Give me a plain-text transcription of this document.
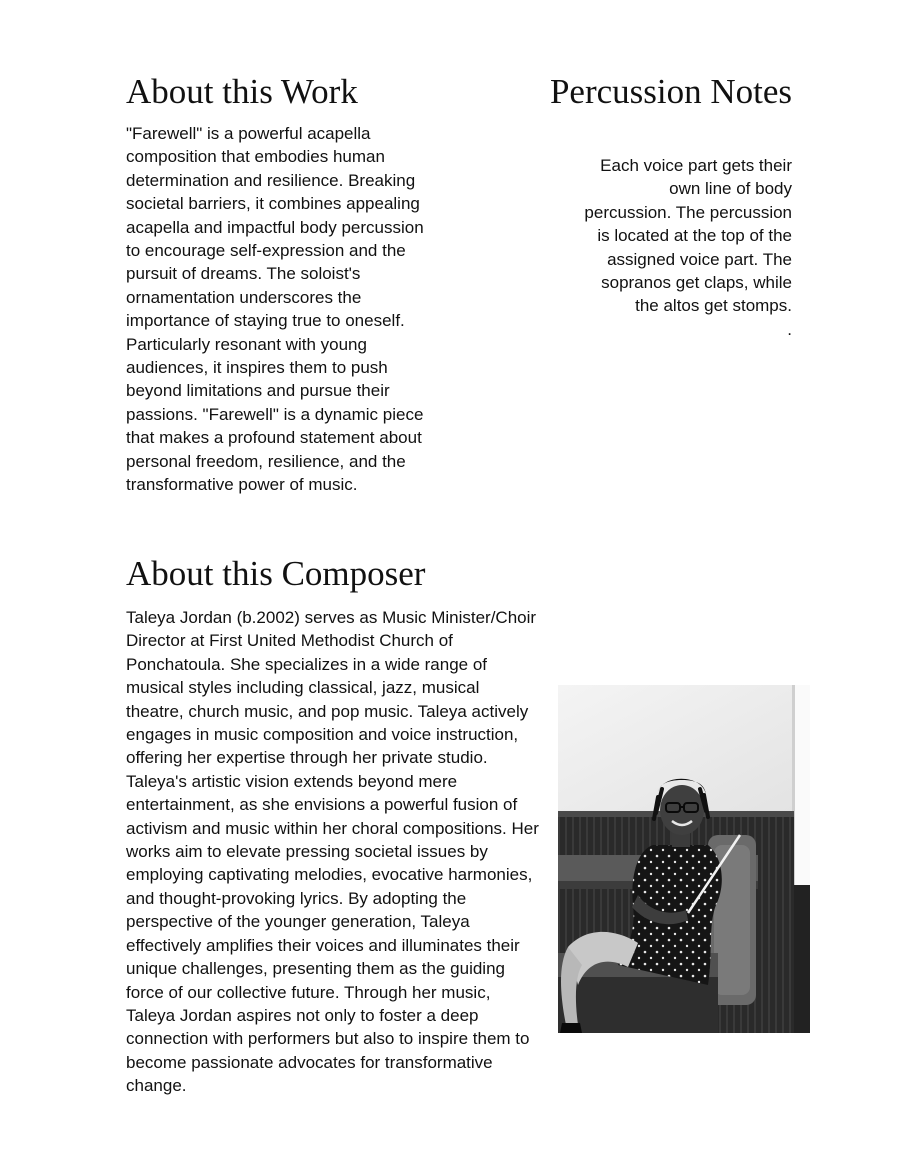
About this Work

"Farewell" is a powerful acapella composition that embodies human determination and resilience. Breaking societal barriers, it combines appealing acapella and impactful body percussion to encourage self-expression and the pursuit of dreams. The soloist's ornamentation underscores the importance of staying true to oneself. Particularly resonant with young audiences, it inspires them to push beyond limitations and pursue their passions. "Farewell" is a dynamic piece that makes a profound statement about personal freedom, resilience, and the transformative power of music.

Percussion Notes
Each voice part gets their own line of body percussion. The percussion is located at the top of the assigned voice part. The sopranos get claps, while the altos get stomps.
.
About this Composer

Taleya Jordan (b.2002) serves as Music Minister/Choir Director at First United Methodist Church of Ponchatoula. She specializes in a wide range of musical styles including classical, jazz, musical theatre, church music, and pop music. Taleya actively engages in music composition and voice instruction, offering her expertise through her private studio. Taleya's artistic vision extends beyond mere entertainment, as she envisions a powerful fusion of activism and music within her choral compositions. Her works aim to elevate pressing societal issues by employing captivating melodies, evocative harmonies, and thought-provoking lyrics. By adopting the perspective of the younger generation, Taleya effectively amplifies their voices and illuminates their unique challenges, presenting them as the guiding force of our collective future. Through her music, Taleya Jordan aspires not only to foster a deep connection with performers but also to inspire them to become passionate advocates for transformative change.
